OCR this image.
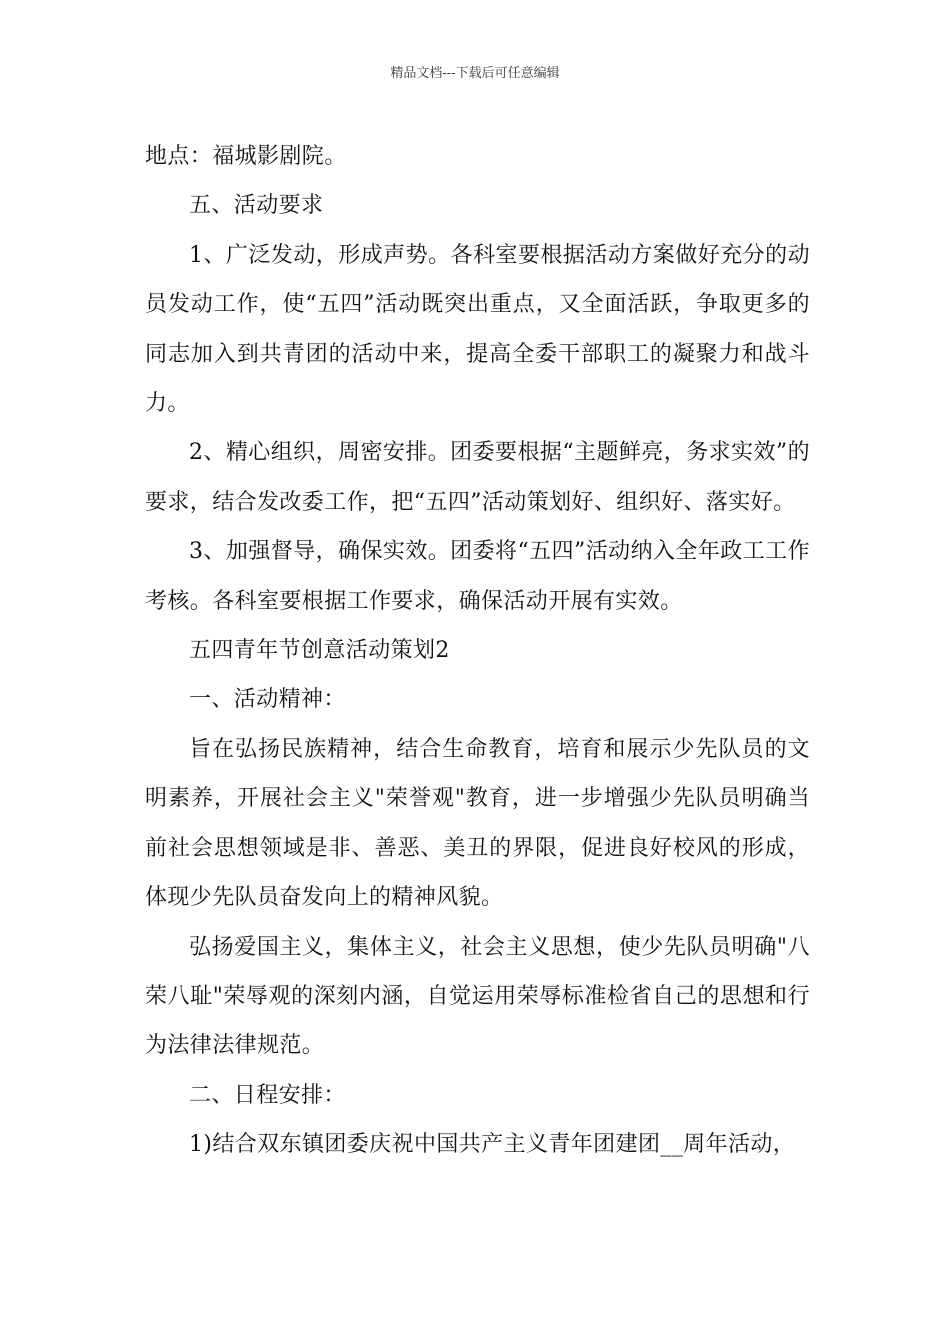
精品文档---下载后可任意编辑

地点：福城影剧院。

五、活动要求

1、广泛发动，形成声势。各科室要根据活动方案做好充分的动员发动工作，使“五四”活动既突出重点，又全面活跃，争取更多的同志加入到共青团的活动中来，提高全委干部职工的凝聚力和战斗力。

2、精心组织，周密安排。团委要根据“主题鲜亮，务求实效”的要求，结合发改委工作，把“五四”活动策划好、组织好、落实好。

3、加强督导，确保实效。团委将“五四”活动纳入全年政工工作考核。各科室要根据工作要求，确保活动开展有实效。

五四青年节创意活动策划2

一、活动精神：

旨在弘扬民族精神，结合生命教育，培育和展示少先队员的文明素养，开展社会主义"荣誉观"教育，进一步增强少先队员明确当前社会思想领域是非、善恶、美丑的界限，促进良好校风的形成，体现少先队员奋发向上的精神风貌。

弘扬爱国主义，集体主义，社会主义思想，使少先队员明确"八荣八耻"荣辱观的深刻内涵，自觉运用荣辱标准检省自己的思想和行为法律法律规范。

二、日程安排：

1)结合双东镇团委庆祝中国共产主义青年团建团__周年活动，
